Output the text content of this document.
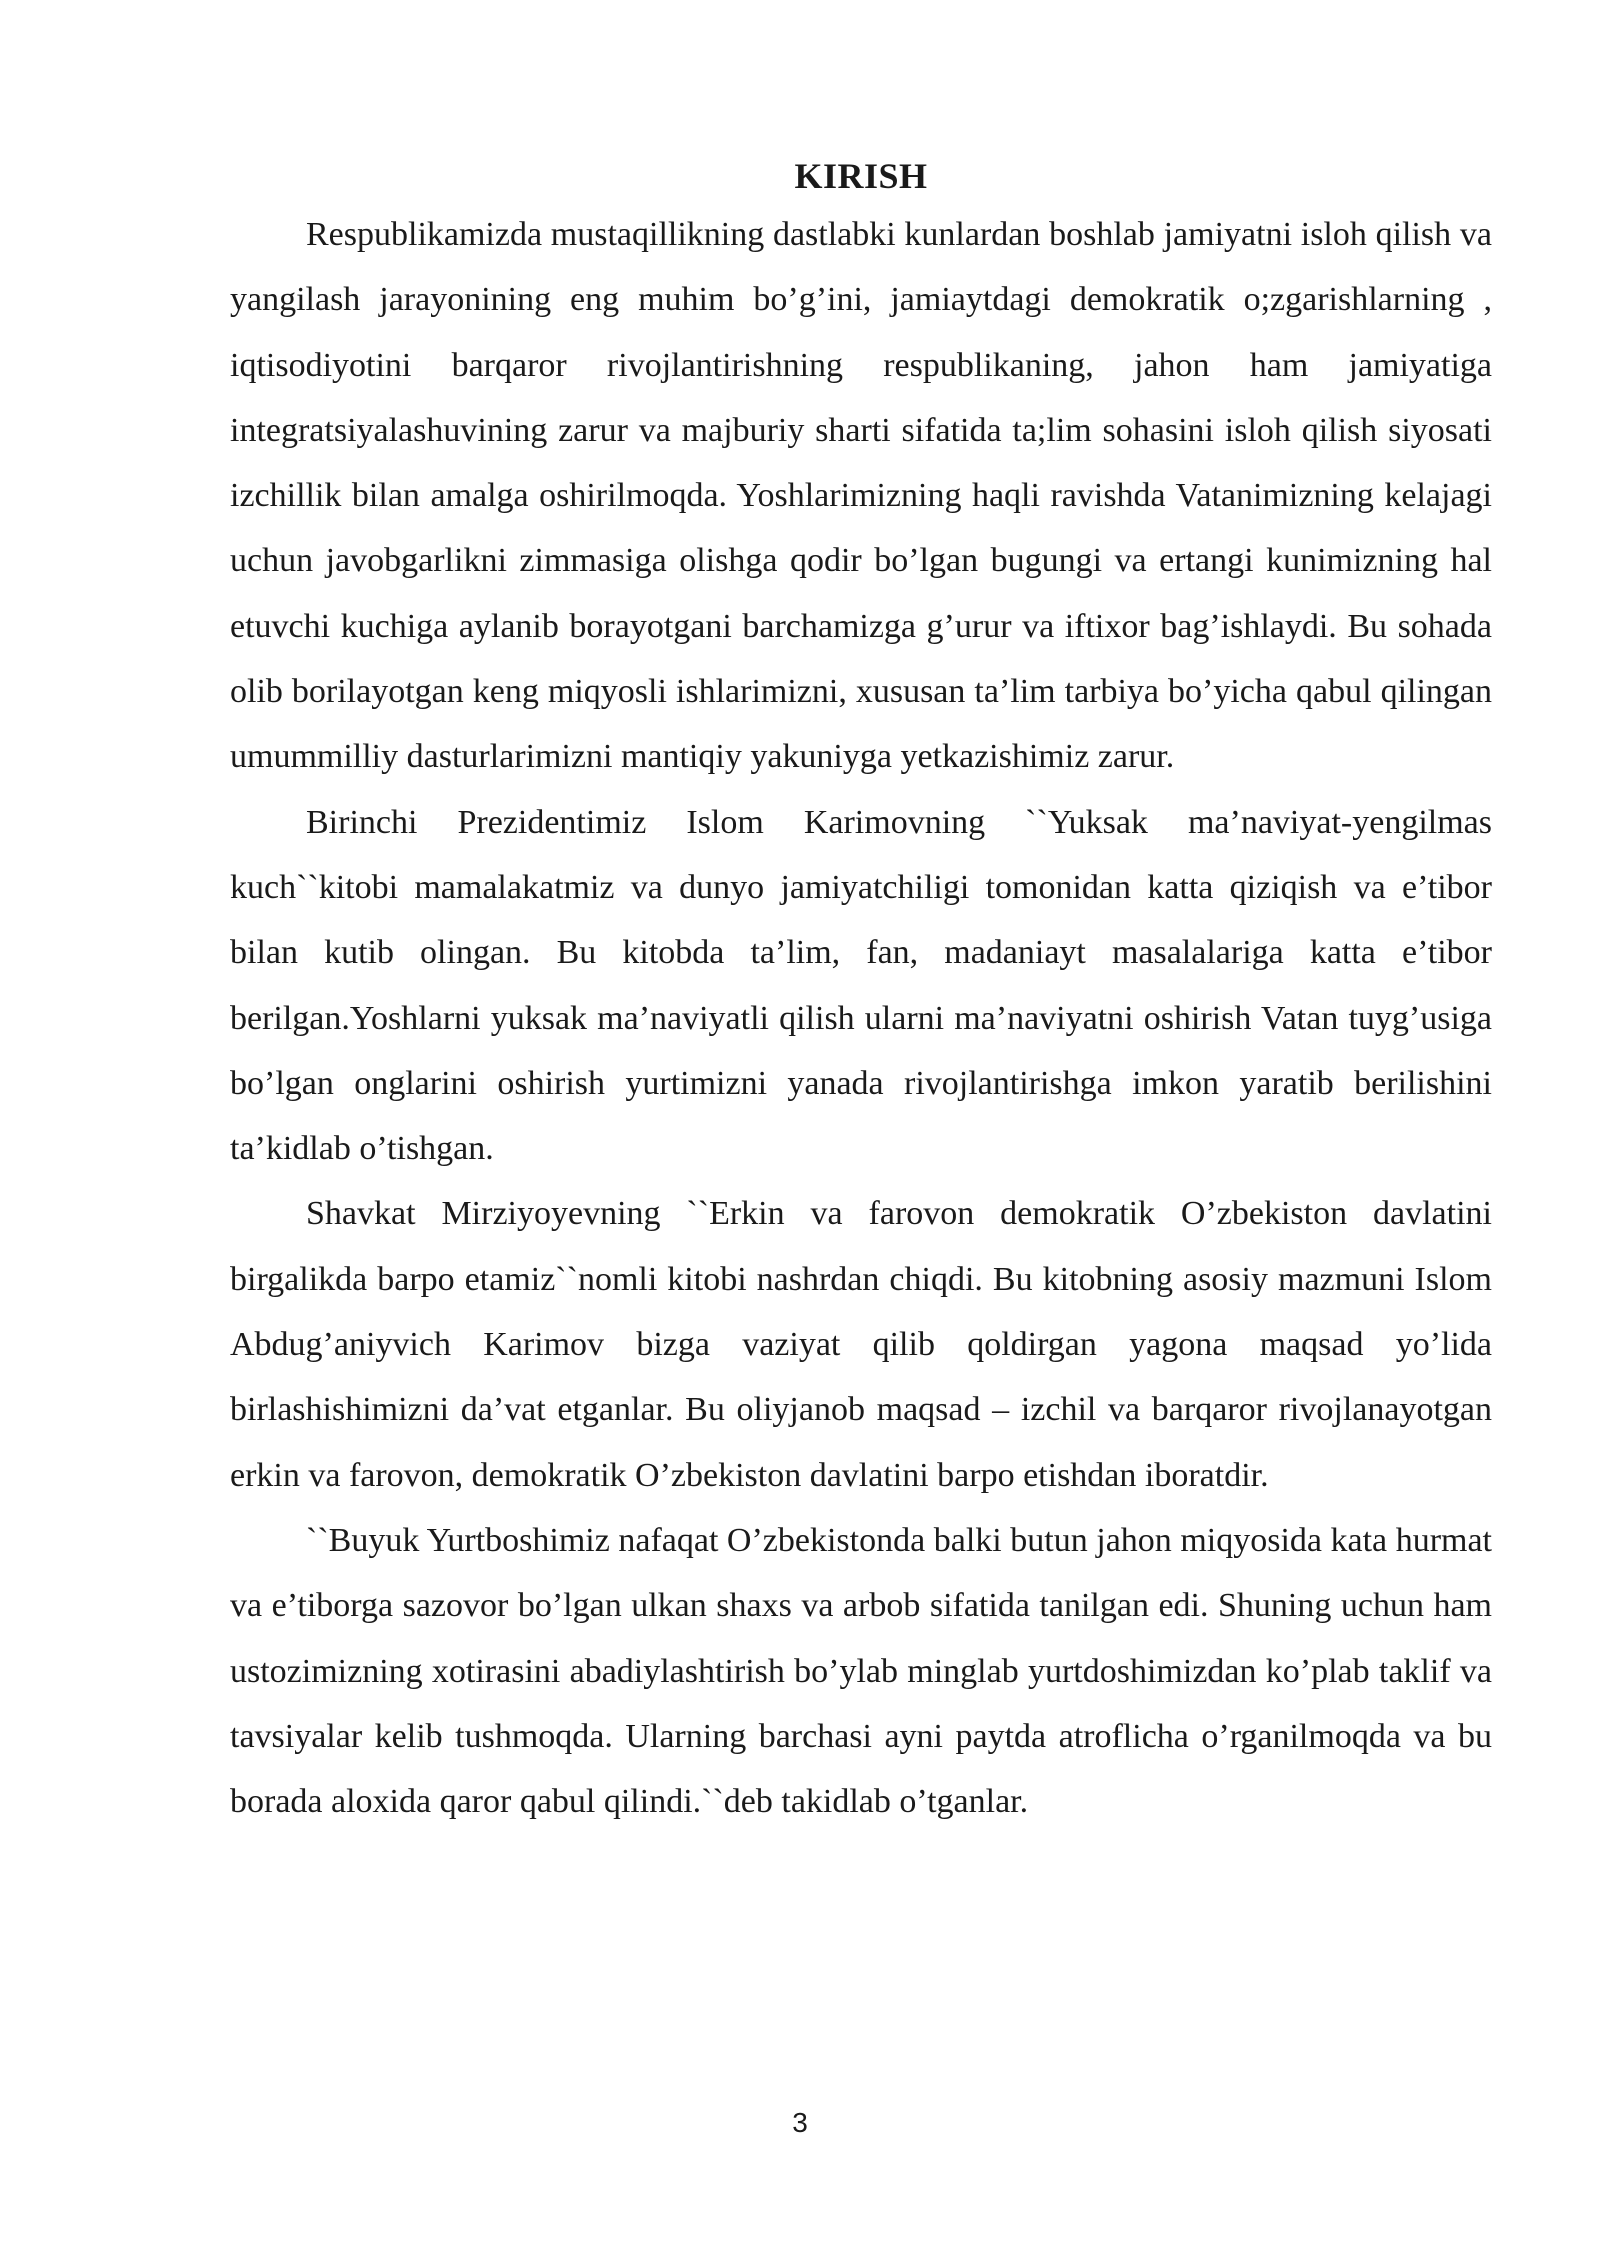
KIRISH

Respublikamizda mustaqillikning dastlabki kunlardan boshlab jamiyatni isloh qilish va yangilash jarayonining eng muhim bo’g’ini, jamiaytdagi demokratik o;zgarishlarning , iqtisodiyotini barqaror rivojlantirishning respublikaning, jahon ham jamiyatiga integratsiyalashuvining zarur va majburiy sharti sifatida ta;lim sohasini isloh qilish siyosati izchillik bilan amalga oshirilmoqda. Yoshlarimizning haqli ravishda Vatanimizning kelajagi uchun javobgarlikni zimmasiga olishga qodir bo’lgan bugungi va ertangi kunimizning hal etuvchi kuchiga aylanib borayotgani barchamizga g’urur va iftixor bag’ishlaydi. Bu sohada olib borilayotgan keng miqyosli ishlarimizni, xususan ta’lim tarbiya bo’yicha qabul qilingan umummilliy dasturlarimizni mantiqiy yakuniyga yetkazishimiz zarur.

Birinchi Prezidentimiz Islom Karimovning ``Yuksak ma’naviyat-yengilmas kuch``kitobi mamalakatmiz va dunyo jamiyatchiligi tomonidan katta qiziqish va e’tibor bilan kutib olingan. Bu kitobda ta’lim, fan, madaniayt masalalariga katta e’tibor berilgan.Yoshlarni yuksak ma’naviyatli qilish ularni ma’naviyatni oshirish Vatan tuyg’usiga bo’lgan onglarini oshirish yurtimizni yanada rivojlantirishga imkon yaratib berilishini ta’kidlab o’tishgan.

Shavkat Mirziyoyevning ``Erkin va farovon demokratik O’zbekiston davlatini birgalikda barpo etamiz``nomli kitobi nashrdan chiqdi. Bu kitobning asosiy mazmuni Islom Abdug’aniyvich Karimov bizga vaziyat qilib qoldirgan yagona maqsad yo’lida birlashishimizni da’vat etganlar. Bu oliyjanob maqsad – izchil va barqaror rivojlanayotgan erkin va farovon, demokratik O’zbekiston davlatini barpo etishdan iboratdir.

``Buyuk Yurtboshimiz nafaqat O’zbekistonda balki butun jahon miqyosida kata hurmat va e’tiborga sazovor bo’lgan ulkan shaxs va arbob sifatida tanilgan edi. Shuning uchun ham ustozimizning xotirasini abadiylashtirish bo’ylab minglab yurtdoshimizdan ko’plab taklif va tavsiyalar kelib tushmoqda. Ularning barchasi ayni paytda atroflicha o’rganilmoqda va bu borada aloxida qaror qabul qilindi.``deb takidlab o’tganlar.

3
